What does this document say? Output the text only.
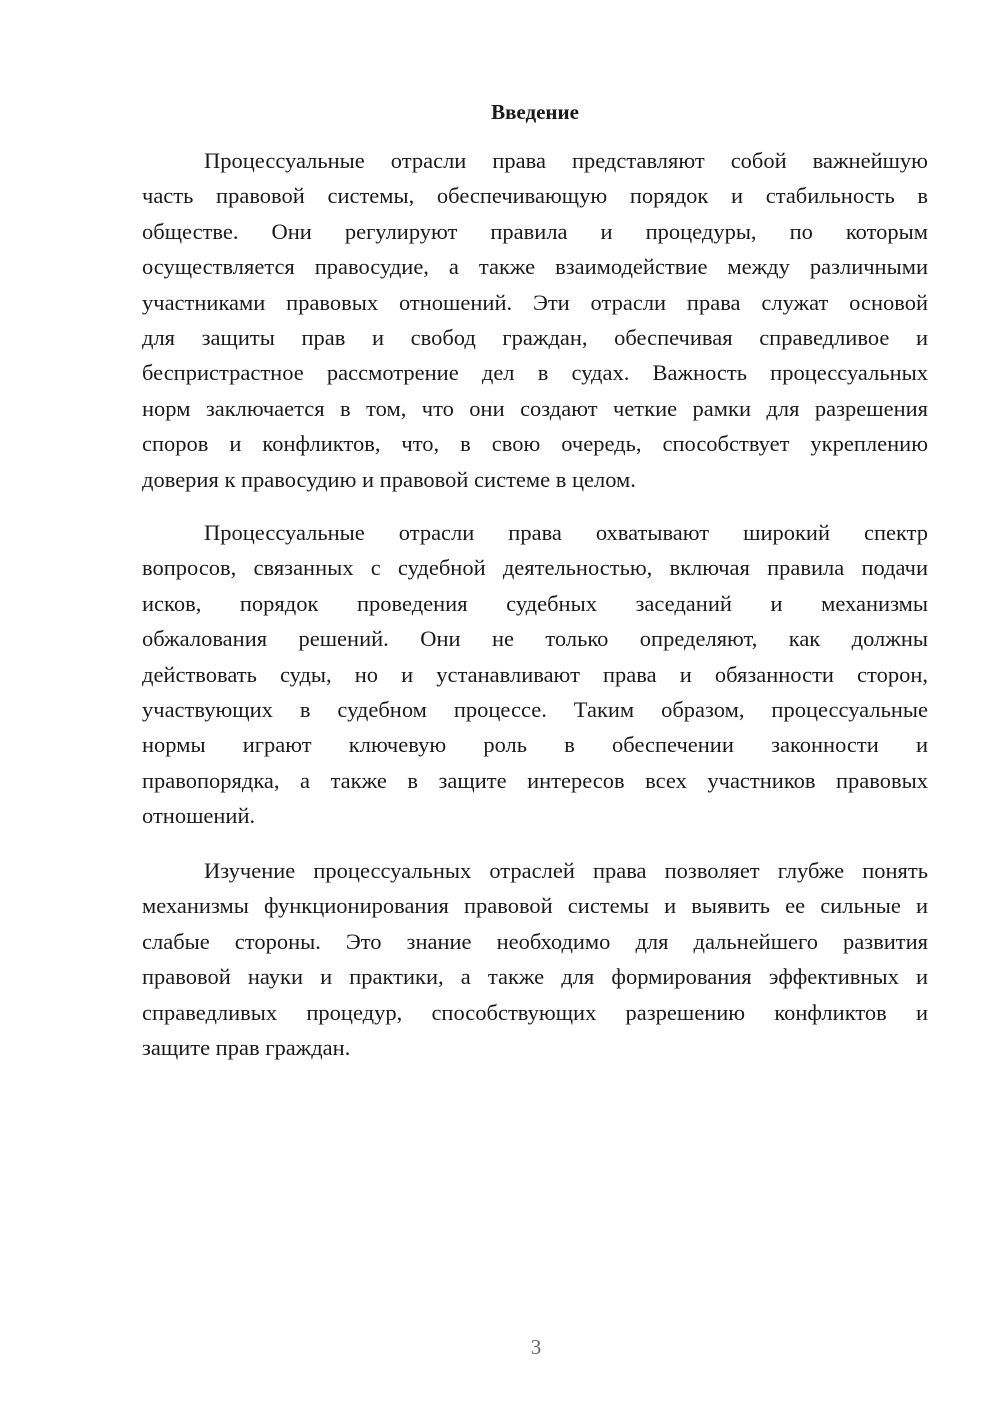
Введение
Процессуальные отрасли права представляют собой важнейшую
часть правовой системы, обеспечивающую порядок и стабильность в
обществе. Они регулируют правила и процедуры, по которым
осуществляется правосудие, а также взаимодействие между различными
участниками правовых отношений. Эти отрасли права служат основой
для защиты прав и свобод граждан, обеспечивая справедливое и
беспристрастное рассмотрение дел в судах. Важность процессуальных
норм заключается в том, что они создают четкие рамки для разрешения
споров и конфликтов, что, в свою очередь, способствует укреплению
доверия к правосудию и правовой системе в целом.
Процессуальные отрасли права охватывают широкий спектр
вопросов, связанных с судебной деятельностью, включая правила подачи
исков, порядок проведения судебных заседаний и механизмы
обжалования решений. Они не только определяют, как должны
действовать суды, но и устанавливают права и обязанности сторон,
участвующих в судебном процессе. Таким образом, процессуальные
нормы играют ключевую роль в обеспечении законности и
правопорядка, а также в защите интересов всех участников правовых
отношений.
Изучение процессуальных отраслей права позволяет глубже понять
механизмы функционирования правовой системы и выявить ее сильные и
слабые стороны. Это знание необходимо для дальнейшего развития
правовой науки и практики, а также для формирования эффективных и
справедливых процедур, способствующих разрешению конфликтов и
защите прав граждан.
3
